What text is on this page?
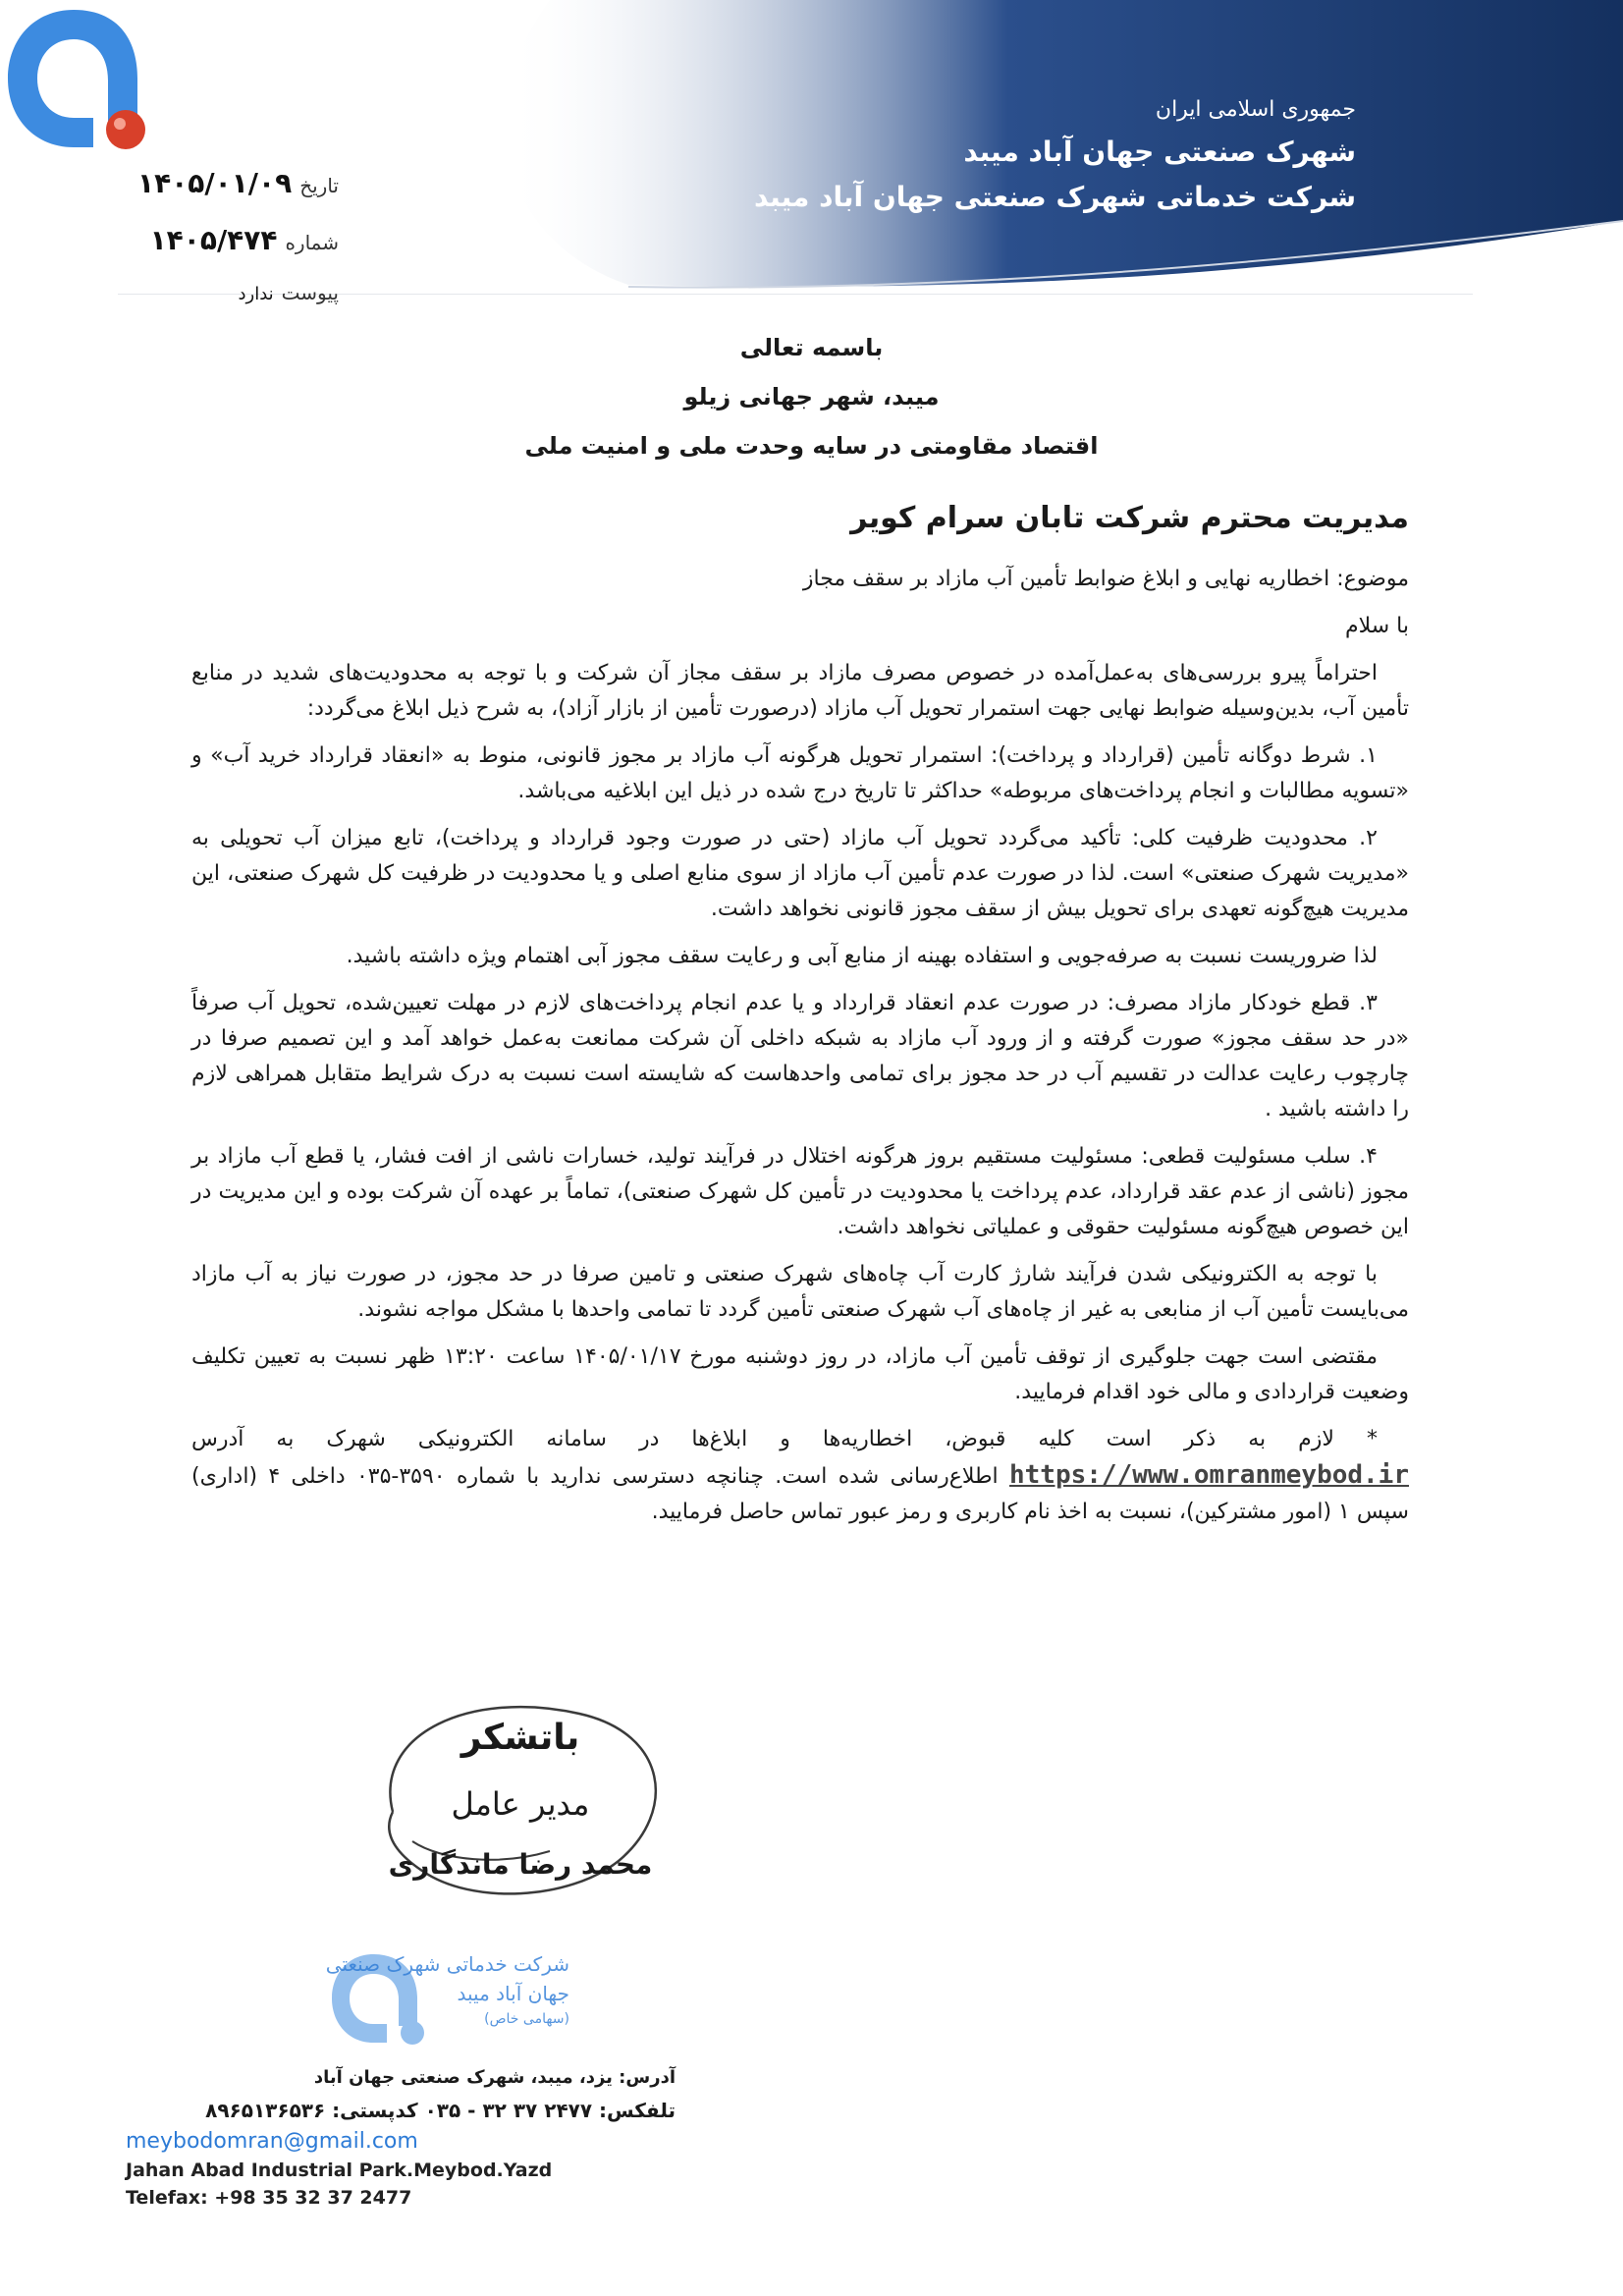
جمهوری اسلامی ایران
شهرک صنعتی جهان آباد میبد
شرکت خدماتی شهرک صنعتی جهان آباد میبد
تاریخ
۱۴۰۵/۰۱/۰۹
شماره
۱۴۰۵/۴۷۴
پیوست
ندارد
باسمه تعالی
میبد، شهر جهانی زیلو
اقتصاد مقاومتی در سایه وحدت ملی و امنیت ملی
مدیریت محترم شرکت تابان سرام کویر

موضوع: اخطاریه نهایی و ابلاغ ضوابط تأمین آب مازاد بر سقف مجاز

با سلام

احتراماً پیرو بررسی‌های به‌عمل‌آمده در خصوص مصرف مازاد بر سقف مجاز آن شرکت و با توجه به محدودیت‌های شدید در منابع تأمین آب، بدین‌وسیله ضوابط نهایی جهت استمرار تحویل آب مازاد (درصورت تأمین از بازار آزاد)، به شرح ذیل ابلاغ می‌گردد:

۱. شرط دوگانه تأمین (قرارداد و پرداخت): استمرار تحویل هرگونه آب مازاد بر مجوز قانونی، منوط به «انعقاد قرارداد خرید آب» و «تسویه مطالبات و انجام پرداخت‌های مربوطه» حداکثر تا تاریخ درج شده در ذیل این ابلاغیه می‌باشد.

۲. محدودیت ظرفیت کلی: تأکید می‌گردد تحویل آب مازاد (حتی در صورت وجود قرارداد و پرداخت)، تابع میزان آب تحویلی به «مدیریت شهرک صنعتی» است. لذا در صورت عدم تأمین آب مازاد از سوی منابع اصلی و یا محدودیت در ظرفیت کل شهرک صنعتی، این مدیریت هیچ‌گونه تعهدی برای تحویل بیش از سقف مجوز قانونی نخواهد داشت.

لذا ضروریست نسبت به صرفه‌جویی و استفاده بهینه از منابع آبی و رعایت سقف مجوز آبی اهتمام ویژه داشته باشید.

۳. قطع خودکار مازاد مصرف: در صورت عدم انعقاد قرارداد و یا عدم انجام پرداخت‌های لازم در مهلت تعیین‌شده، تحویل آب صرفاً «در حد سقف مجوز» صورت گرفته و از ورود آب مازاد به شبکه داخلی آن شرکت ممانعت به‌عمل خواهد آمد و این تصمیم صرفا در چارچوب رعایت عدالت در تقسیم آب در حد مجوز برای تمامی واحدهاست که شایسته است نسبت به درک شرایط متقابل همراهی لازم را داشته باشید .

۴. سلب مسئولیت قطعی: مسئولیت مستقیم بروز هرگونه اختلال در فرآیند تولید، خسارات ناشی از افت فشار، یا قطع آب مازاد بر مجوز (ناشی از عدم عقد قرارداد، عدم پرداخت یا محدودیت در تأمین کل شهرک صنعتی)، تماماً بر عهده آن شرکت بوده و این مدیریت در این خصوص هیچ‌گونه مسئولیت حقوقی و عملیاتی نخواهد داشت.

با توجه به الکترونیکی شدن فرآیند شارژ کارت آب چاه‌های شهرک صنعتی و تامین صرفا در حد مجوز، در صورت نیاز به آب مازاد می‌بایست تأمین آب از منابعی به غیر از چاه‌های آب شهرک صنعتی تأمین گردد تا تمامی واحدها با مشکل مواجه نشوند.

مقتضی است جهت جلوگیری از توقف تأمین آب مازاد، در روز دوشنبه مورخ ۱۴۰۵/۰۱/۱۷ ساعت ۱۳:۲۰ ظهر نسبت به تعیین تکلیف وضعیت قراردادی و مالی خود اقدام فرمایید.

* لازم به ذکر است کلیه قبوض، اخطاریه‌ها و ابلاغ‌ها در سامانه الکترونیکی شهرک به آدرس https://www.omranmeybod.ir اطلاع‌رسانی شده است. چنانچه دسترسی ندارید با شماره ۳۵۹۰-۰۳۵ داخلی ۴ (اداری) سپس ۱ (امور مشترکین)، نسبت به اخذ نام کاربری و رمز عبور تماس حاصل فرمایید.

باتشکر
مدیر عامل
محمد رضا ماندگاری
شرکت خدماتی شهرک صنعتی
جهان آباد میبد
(سهامی خاص)
آدرس: یزد، میبد، شهرک صنعتی جهان آباد
تلفکس: ۲۴۷۷ ۳۷ ۳۲ - ۰۳۵ کدپستی: ۸۹۶۵۱۳۶۵۳۶
meybodomran@gmail.com
Jahan Abad Industrial Park.Meybod.Yazd
Telefax: +98 35 32 37 2477
